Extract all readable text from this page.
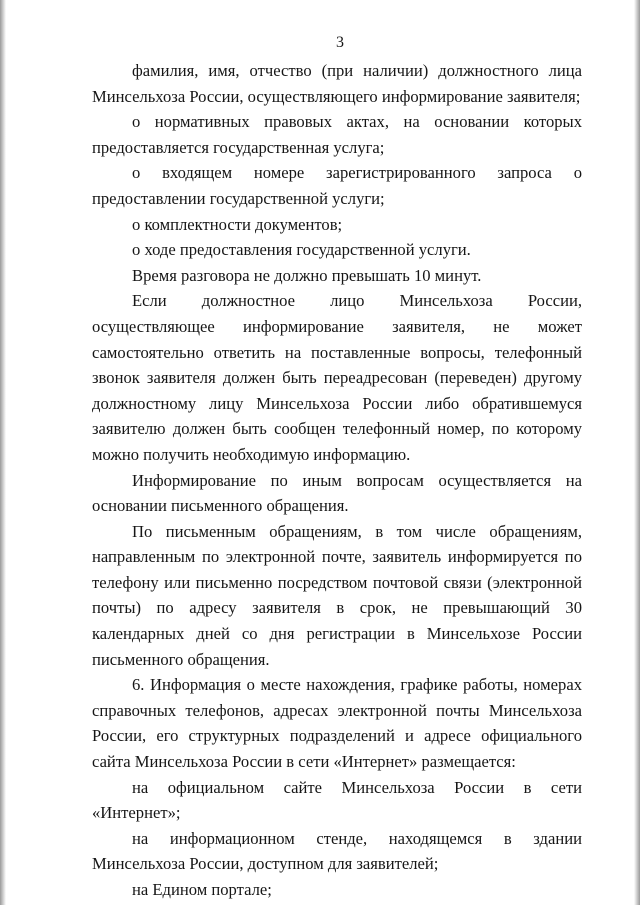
3

фамилия, имя, отчество (при наличии) должностного лица Минсельхоза России, осуществляющего информирование заявителя;

о нормативных правовых актах, на основании которых предоставляется государственная услуга;

о входящем номере зарегистрированного запроса о предоставлении государственной услуги;

о комплектности документов;

о ходе предоставления государственной услуги.

Время разговора не должно превышать 10 минут.

Если должностное лицо Минсельхоза России, осуществляющее информирование заявителя, не может самостоятельно ответить на поставленные вопросы, телефонный звонок заявителя должен быть переадресован (переведен) другому должностному лицу Минсельхоза России либо обратившемуся заявителю должен быть сообщен телефонный номер, по которому можно получить необходимую информацию.

Информирование по иным вопросам осуществляется на основании письменного обращения.

По письменным обращениям, в том числе обращениям, направленным по электронной почте, заявитель информируется по телефону или письменно посредством почтовой связи (электронной почты) по адресу заявителя в срок, не превышающий 30 календарных дней со дня регистрации в Минсельхозе России письменного обращения.

6. Информация о месте нахождения, графике работы, номерах справочных телефонов, адресах электронной почты Минсельхоза России, его структурных подразделений и адресе официального сайта Минсельхоза России в сети «Интернет» размещается:

на официальном сайте Минсельхоза России в сети «Интернет»;

на информационном стенде, находящемся в здании Минсельхоза России, доступном для заявителей;

на Едином портале;
